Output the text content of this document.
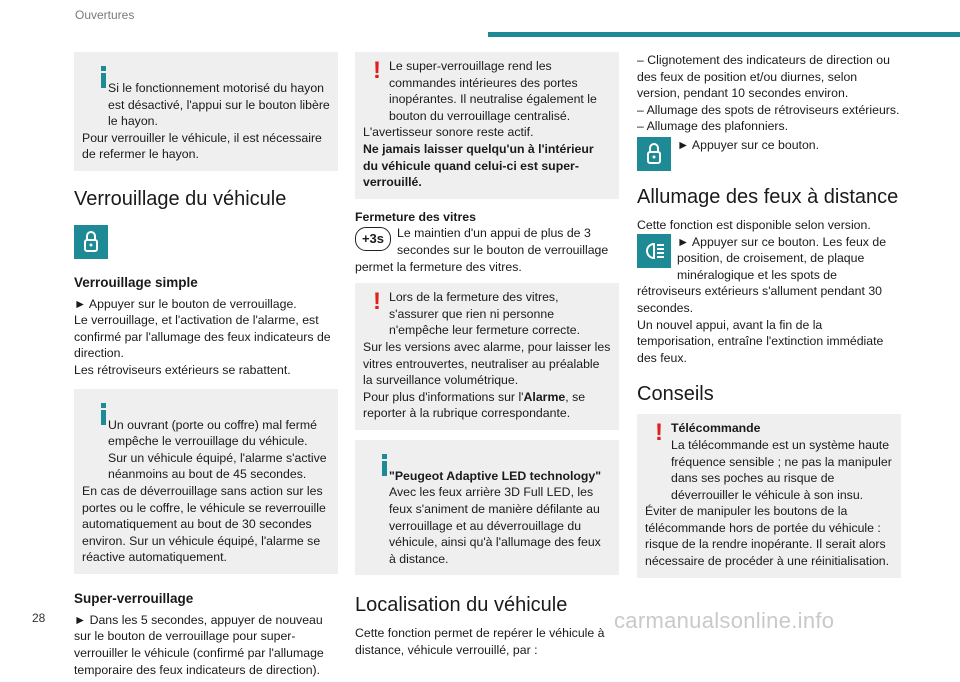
Ouvertures

Si le fonctionnement motorisé du hayon est désactivé, l'appui sur le bouton libère le hayon.

Pour verrouiller le véhicule, il est nécessaire de refermer le hayon.

Verrouillage du véhicule
Verrouillage simple

► Appuyer sur le bouton de verrouillage.

Le verrouillage, et l'activation de l'alarme, est confirmé par l'allumage des feux indicateurs de direction.

Les rétroviseurs extérieurs se rabattent.

Un ouvrant (porte ou coffre) mal fermé empêche le verrouillage du véhicule. Sur un véhicule équipé, l'alarme s'active néanmoins au bout de 45 secondes.

En cas de déverrouillage sans action sur les portes ou le coffre, le véhicule se reverrouille automatiquement au bout de 30 secondes environ. Sur un véhicule équipé, l'alarme se réactive automatiquement.

Super-verrouillage

► Dans les 5 secondes, appuyer de nouveau sur le bouton de verrouillage pour super-verrouiller le véhicule (confirmé par l'allumage temporaire des feux indicateurs de direction).

! Le super-verrouillage rend les commandes intérieures des portes inopérantes. Il neutralise également le bouton du verrouillage centralisé.

L'avertisseur sonore reste actif.

Ne jamais laisser quelqu'un à l'intérieur du véhicule quand celui-ci est super-verrouillé.

Fermeture des vitres

+3s	Le maintien d'un appui de plus de 3 secondes sur le bouton de verrouillage permet la fermeture des vitres.

! Lors de la fermeture des vitres, s'assurer que rien ni personne n'empêche leur fermeture correcte.

Sur les versions avec alarme, pour laisser les vitres entrouvertes, neutraliser au préalable la surveillance volumétrique.

Pour plus d'informations sur l'Alarme, se reporter à la rubrique correspondante.

"Peugeot Adaptive LED technology"

Avec les feux arrière 3D Full LED, les feux s'animent de manière défilante au verrouillage et au déverrouillage du véhicule, ainsi qu'à l'allumage des feux à distance.

Localisation du véhicule

Cette fonction permet de repérer le véhicule à distance, véhicule verrouillé, par :

– Clignotement des indicateurs de direction ou des feux de position et/ou diurnes, selon version, pendant 10 secondes environ.

– Allumage des spots de rétroviseurs extérieurs.

– Allumage des plafonniers.

► Appuyer sur ce bouton.
Allumage des feux à distance

Cette fonction est disponible selon version.

► Appuyer sur ce bouton. Les feux de position, de croisement, de plaque minéralogique et les spots de rétroviseurs extérieurs s'allument pendant 30 secondes.

Un nouvel appui, avant la fin de la temporisation, entraîne l'extinction immédiate des feux.

Conseils
! Télécommande

La télécommande est un système haute fréquence sensible ; ne pas la manipuler dans ses poches au risque de déverrouiller le véhicule à son insu.

Éviter de manipuler les boutons de la télécommande hors de portée du véhicule : risque de la rendre inopérante. Il serait alors nécessaire de procéder à une réinitialisation.

28	carmanualsonline.info
